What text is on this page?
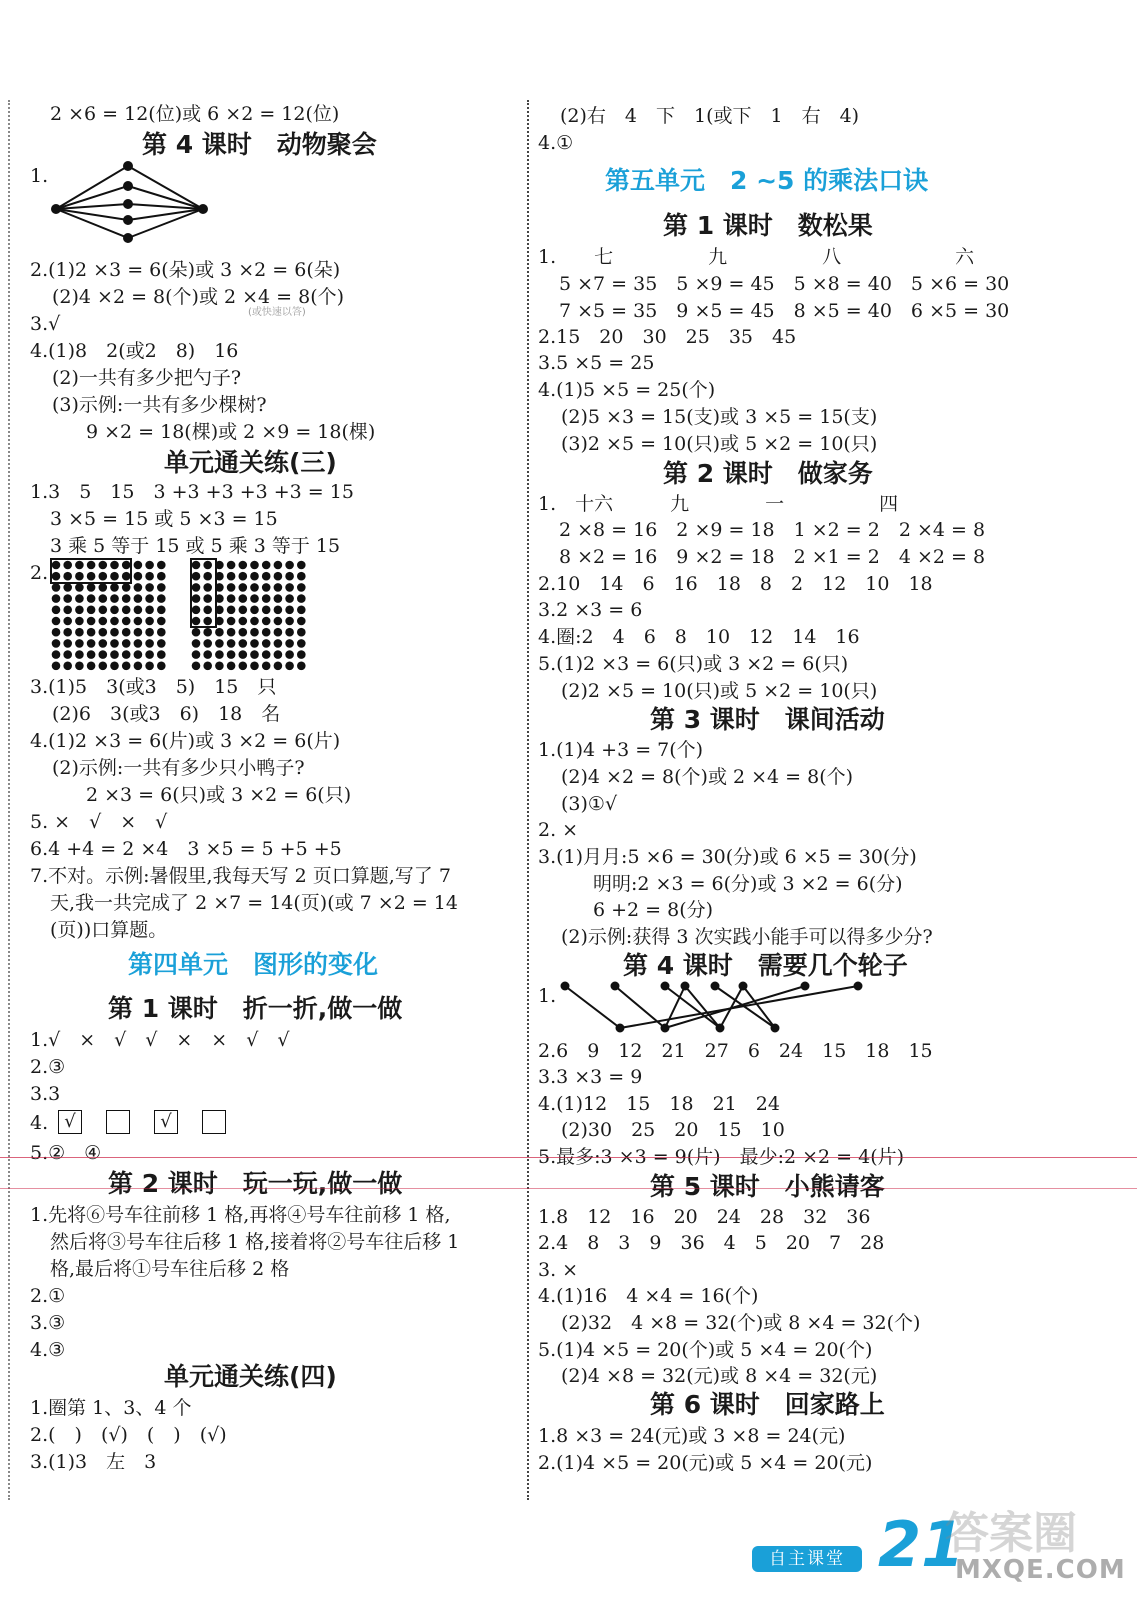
2 ×6 = 12(位)或 6 ×2 = 12(位)
第 4 课时　动物聚会
1.
2.(1)2 ×3 = 6(朵)或 3 ×2 = 6(朵)
(2)4 ×2 = 8(个)或 2 ×4 = 8(个)
(或快速以答)
3.√
4.(1)8　2(或2　8)　16
(2)一共有多少把勺子?
(3)示例:一共有多少棵树?
9 ×2 = 18(棵)或 2 ×9 = 18(棵)
单元通关练(三)
1.3　5　15　3 +3 +3 +3 +3 = 15
3 ×5 = 15 或 5 ×3 = 15
3 乘 5 等于 15 或 5 乘 3 等于 15
2.
3.(1)5　3(或3　5)　15　只
(2)6　3(或3　6)　18　名
4.(1)2 ×3 = 6(片)或 3 ×2 = 6(片)
(2)示例:一共有多少只小鸭子?
2 ×3 = 6(只)或 3 ×2 = 6(只)
5. ×　√　×　√
6.4 +4 = 2 ×4　3 ×5 = 5 +5 +5
7.不对。示例:暑假里,我每天写 2 页口算题,写了 7
天,我一共完成了 2 ×7 = 14(页)(或 7 ×2 = 14
(页))口算题。
第四单元　图形的变化
第 1 课时　折一折,做一做
1.√　×　√　√　×　×　√　√
2.③
3.3
4. √	√
5.②　④
第 2 课时　玩一玩,做一做
1.先将⑥号车往前移 1 格,再将④号车往前移 1 格,
然后将③号车往后移 1 格,接着将②号车往后移 1
格,最后将①号车往后移 2 格
2.①
3.③
4.③
单元通关练(四)
1.圈第 1、3、4 个
2.(　)　(√)　(　)　(√)
3.(1)3　左　3
(2)右　4　下　1(或下　1　右　4)
4.①
第五单元　2 ~5 的乘法口诀
第 1 课时　数松果
1.　　七　　　　　九　　　　　八　　　　　　六
5 ×7 = 35　5 ×9 = 45　5 ×8 = 40　5 ×6 = 30
7 ×5 = 35　9 ×5 = 45　8 ×5 = 40　6 ×5 = 30
2.15　20　30　25　35　45
3.5 ×5 = 25
4.(1)5 ×5 = 25(个)
(2)5 ×3 = 15(支)或 3 ×5 = 15(支)
(3)2 ×5 = 10(只)或 5 ×2 = 10(只)
第 2 课时　做家务
1.　十六　　　九　　　　一　　　　　四
2 ×8 = 16　2 ×9 = 18　1 ×2 = 2　2 ×4 = 8
8 ×2 = 16　9 ×2 = 18　2 ×1 = 2　4 ×2 = 8
2.10　14　6　16　18　8　2　12　10　18
3.2 ×3 = 6
4.圈:2　4　6　8　10　12　14　16
5.(1)2 ×3 = 6(只)或 3 ×2 = 6(只)
(2)2 ×5 = 10(只)或 5 ×2 = 10(只)
第 3 课时　课间活动
1.(1)4 +3 = 7(个)
(2)4 ×2 = 8(个)或 2 ×4 = 8(个)
(3)①√
2. ×
3.(1)月月:5 ×6 = 30(分)或 6 ×5 = 30(分)
明明:2 ×3 = 6(分)或 3 ×2 = 6(分)
6 +2 = 8(分)
(2)示例:获得 3 次实践小能手可以得多少分?
第 4 课时　需要几个轮子
1.
2.6　9　12　21　27　6　24　15　18　15
3.3 ×3 = 9
4.(1)12　15　18　21　24
(2)30　25　20　15　10
5.最多:3 ×3 = 9(片)　最少:2 ×2 = 4(片)
第 5 课时　小熊请客
1.8　12　16　20　24　28　32　36
2.4　8　3　9　36　4　5　20　7　28
3. ×
4.(1)16　4 ×4 = 16(个)
(2)32　4 ×8 = 32(个)或 8 ×4 = 32(个)
5.(1)4 ×5 = 20(个)或 5 ×4 = 20(个)
(2)4 ×8 = 32(元)或 8 ×4 = 32(元)
第 6 课时　回家路上
1.8 ×3 = 24(元)或 3 ×8 = 24(元)
2.(1)4 ×5 = 20(元)或 5 ×4 = 20(元)
自主课堂 21
答案圈
MXQE.COM
